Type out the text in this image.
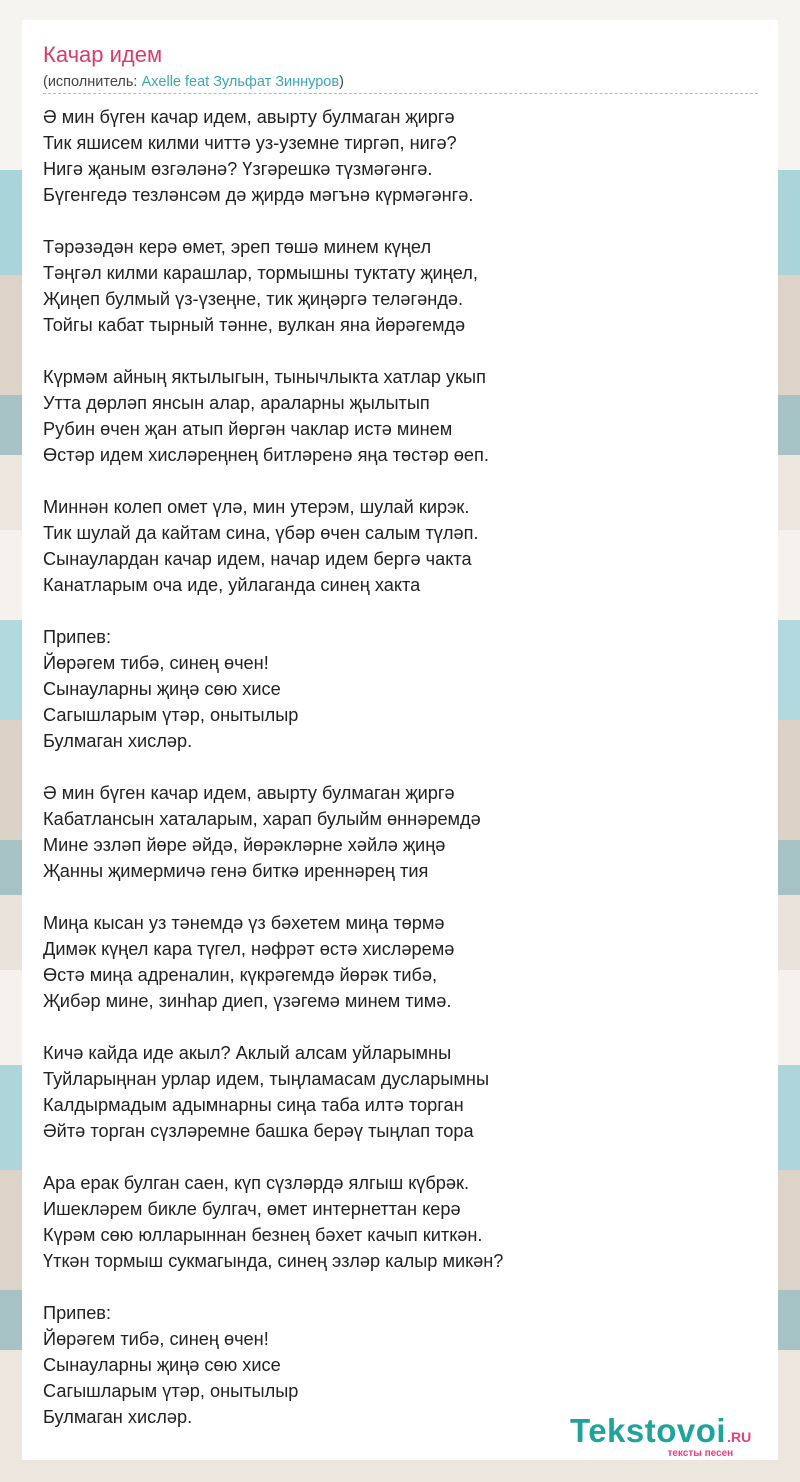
Качар идем
(исполнитель: Axelle feat Зульфат Зиннуров)
Ә мин бүген качар идем, авырту булмаган җиргә
Тик яшисем килми читтә уз-уземне тиргәп, нигә?
Нигә җаным өзгәләнә? Үзгәрешкә түзмәгәнгә.
Бүгенгедә тезләнсәм дә җирдә мәгънә күрмәгәнгә.
Тәрәзәдән керә өмет, эреп төшә минем күңел
Тәңгәл килми карашлар, тормышны туктату җиңел,
Җиңеп булмый үз-үзеңне, тик җиңәргә теләгәндә.
Тойгы кабат тырный тәнне, вулкан яна йөрәгемдә
Күрмәм айның яктылыгын, тынычлыкта хатлар укып
Утта дөрләп янсын алар, араларны җылытып
Рубин өчен җан атып йөргән чаклар истә минем
Өстәр идем хисләреңнең битләренә яңа төстәр өеп.
Миннән колеп омет үлә, мин утерэм, шулай кирэк.
Тик шулай да кайтам сина, үбәр өчен салым түләп.
Сынаулардан качар идем, начар идем бергә чакта
Канатларым оча иде, уйлаганда синең хакта
Припев:
Йөрәгем тибә, синең өчен!
Сынауларны җиңә сөю хисе
Сагышларым үтәр, онытылыр
Булмаган хисләр.
Ә мин бүген качар идем, авырту булмаган җиргә
Кабатлансын хаталарым, харап булыйм өннәремдә
Мине эзләп йөре әйдә, йөрәкләрне хәйлә җиңә
Җанны җимермичә генә биткә иреннәрең тия
Миңа кысан уз тәнемдә үз бәхетем миңа төрмә
Димәк күңел кара түгел, нәфрәт өстә хисләремә
Өстә миңа адреналин, күкрәгемдә йөрәк тибә,
Җибәр мине, зинһар диеп, үзәгемә минем тимә.
Кичә кайда иде акыл? Аклый алсам уйларымны
Туйларыңнан урлар идем, тыңламасам дусларымны
Калдырмадым адымнарны сиңа таба илтә торган
Әйтә торган сүзләремне башка берәү тыңлап тора
Ара ерак булган саен, күп сүзләрдә ялгыш күбрәк.
Ишекләрем бикле булгач, өмет интернеттан керә
Күрәм сөю юлларыннан безнең бәхет качып киткән.
Үткән тормыш сукмагында, синең эзләр калыр микән?
Припев:
Йөрәгем тибә, синең өчен!
Сынауларны җиңә сөю хисе
Сагышларым үтәр, онытылыр
Булмаган хисләр.	Tekstovoi.RU
тексты песен
